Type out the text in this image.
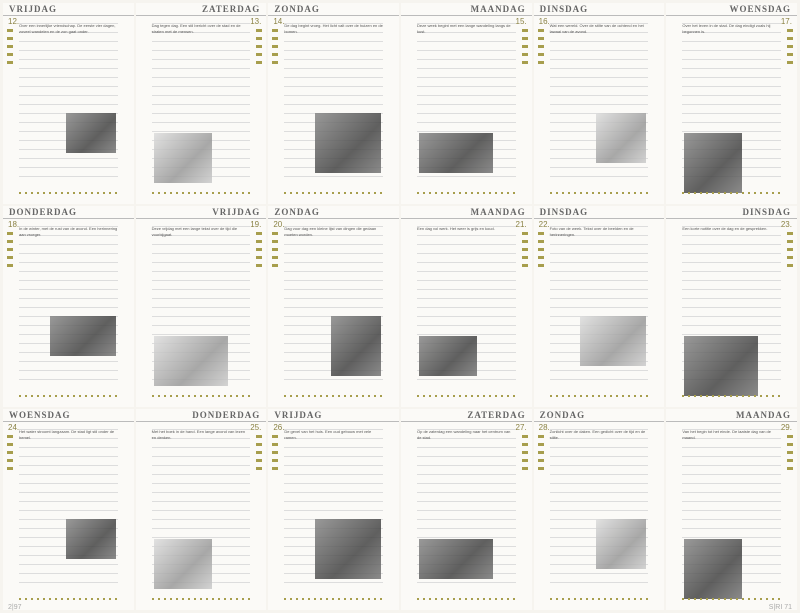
VRIJDAG
12. Over een innerlijke vriendschap. De eerste vier dagen, zoveel wandelen en de zon gaat onder.
ZATERDAG
13.
Dag tegen dag. Een stil bericht over de stad en de straten met de mensen.
ZONDAG
14. De dag begint vroeg. Het licht valt over de huizen en de bomen.
MAANDAG
15.
Deze week begint met een lange wandeling langs de kust.
DINSDAG
16. Wat een wereld. Over de stilte van de ochtend en het lawaai van de avond.
WOENSDAG
17.
Over het leven in de stad. De dag eindigt zoals hij begonnen is.
DONDERDAG
18. In de winter, met de rust van de avond. Een herinnering aan vroeger.
VRIJDAG
19.
Deze vrijdag met een lange tekst over de tijd die voorbijgaat.
ZONDAG
20. Dag voor dag een kleine lijst van dingen die gedaan moeten worden.
MAANDAG
21.
Een dag vol werk. Het weer is grijs en koud.
DINSDAG
22. Foto van de week. Tekst over de beelden en de herinneringen.
DINSDAG
23.
Een korte notitie over de dag en de gesprekken.
WOENSDAG
24. Het water stroomt langzaam. De stad ligt stil onder de hemel.
DONDERDAG
25.
Met het boek in de hand. Een lange avond van lezen en denken.
VRIJDAG
26. De gevel van het huis. Een oud gebouw met vele ramen.
ZATERDAG
27.
Op de zaterdag een wandeling naar het centrum van de stad.
ZONDAG
28. Zonlicht over de daken. Een gedicht over de tijd en de stilte.
MAANDAG
29.
Van het begin tot het einde. De laatste dag van de maand.
2|97	S|RI 71
